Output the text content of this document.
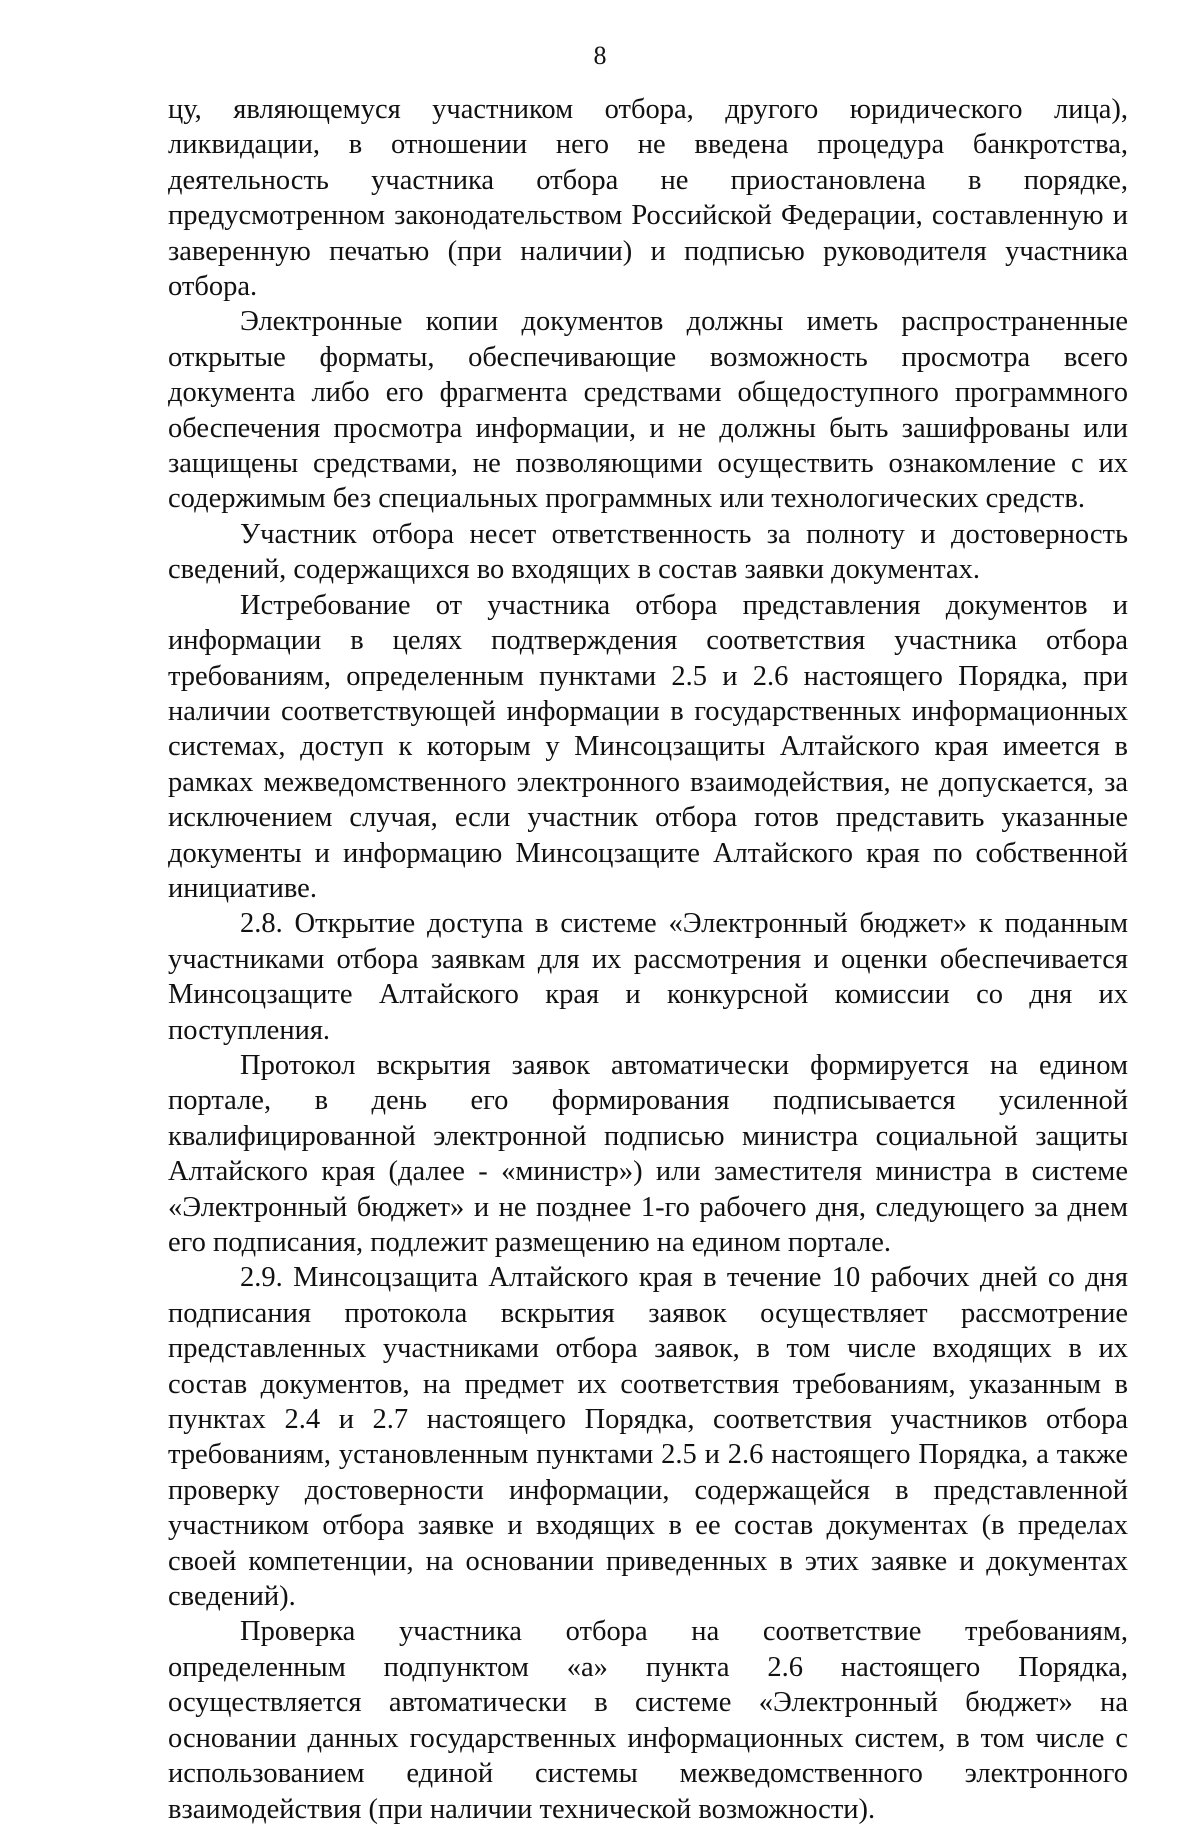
8

цу, являющемуся участником отбора, другого юридического лица), ликвидации, в отношении него не введена процедура банкротства, деятельность участника отбора не приостановлена в порядке, предусмотренном законодательством Российской Федерации, составленную и заверенную печатью (при наличии) и подписью руководителя участника отбора.

Электронные копии документов должны иметь распространенные открытые форматы, обеспечивающие возможность просмотра всего документа либо его фрагмента средствами общедоступного программного обеспечения просмотра информации, и не должны быть зашифрованы или защищены средствами, не позволяющими осуществить ознакомление с их содержимым без специальных программных или технологических средств.

Участник отбора несет ответственность за полноту и достоверность сведений, содержащихся во входящих в состав заявки документах.

Истребование от участника отбора представления документов и информации в целях подтверждения соответствия участника отбора требованиям, определенным пунктами 2.5 и 2.6 настоящего Порядка, при наличии соответствующей информации в государственных информационных системах, доступ к которым у Минсоцзащиты Алтайского края имеется в рамках межведомственного электронного взаимодействия, не допускается, за исключением случая, если участник отбора готов представить указанные документы и информацию Минсоцзащите Алтайского края по собственной инициативе.

2.8. Открытие доступа в системе «Электронный бюджет» к поданным участниками отбора заявкам для их рассмотрения и оценки обеспечивается Минсоцзащите Алтайского края и конкурсной комиссии со дня их поступления.

Протокол вскрытия заявок автоматически формируется на едином портале, в день его формирования подписывается усиленной квалифицированной электронной подписью министра социальной защиты Алтайского края (далее - «министр») или заместителя министра в системе «Электронный бюджет» и не позднее 1-го рабочего дня, следующего за днем его подписания, подлежит размещению на едином портале.

2.9. Минсоцзащита Алтайского края в течение 10 рабочих дней со дня подписания протокола вскрытия заявок осуществляет рассмотрение представленных участниками отбора заявок, в том числе входящих в их состав документов, на предмет их соответствия требованиям, указанным в пунктах 2.4 и 2.7 настоящего Порядка, соответствия участников отбора требованиям, установленным пунктами 2.5 и 2.6 настоящего Порядка, а также проверку достоверности информации, содержащейся в представленной участником отбора заявке и входящих в ее состав документах (в пределах своей компетенции, на основании приведенных в этих заявке и документах сведений).

Проверка участника отбора на соответствие требованиям, определенным подпунктом «а» пункта 2.6 настоящего Порядка, осуществляется автоматически в системе «Электронный бюджет» на основании данных государственных информационных систем, в том числе с использованием единой системы межведомственного электронного взаимодействия (при наличии технической возможности).
